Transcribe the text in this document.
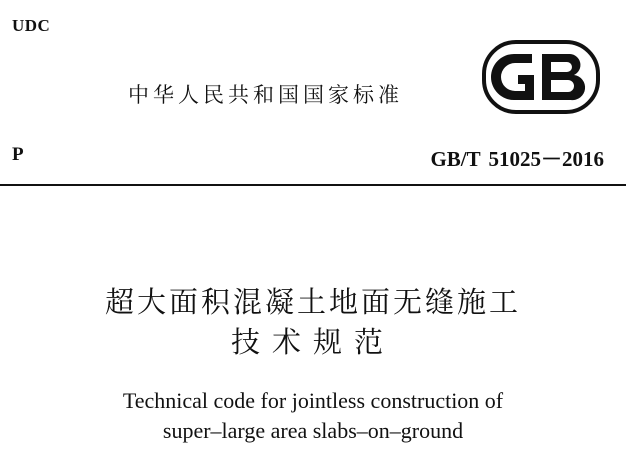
UDC
中华人民共和国国家标准
P	GB/T 51025－2016
超大面积混凝土地面无缝施工
技术规范
Technical code for jointless construction of
super–large area slabs–on–ground
